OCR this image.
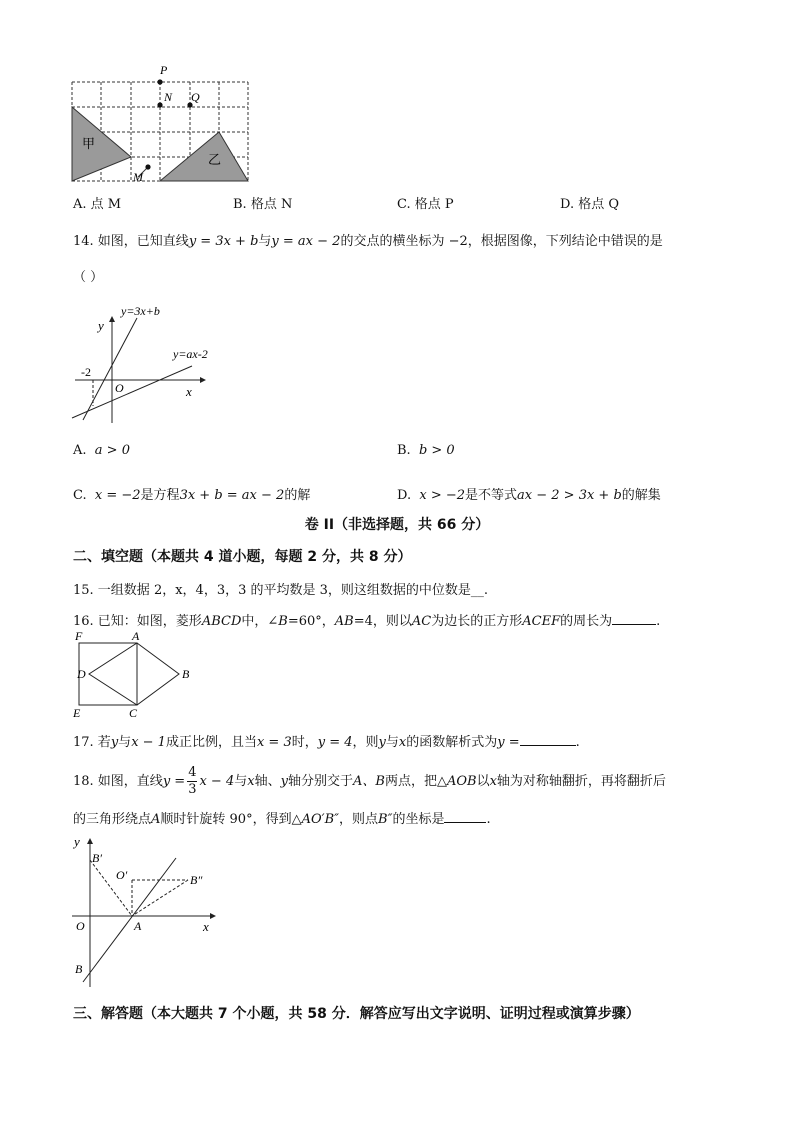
P
N Q
M
甲
乙
A. 点 M	B. 格点 N	C. 格点 P	D. 格点 Q
14. 如图，已知直线y = 3x + b与y = ax − 2的交点的横坐标为 −2，根据图像，下列结论中错误的是
（ ）
y=3x+b
y=ax-2
y
x
O
-2
A. a > 0	B. b > 0
C. x = −2是方程3x + b = ax − 2的解	D. x > −2是不等式ax − 2 > 3x + b的解集
卷 II（非选择题，共 66 分）
二、填空题（本题共 4 道小题，每题 2 分，共 8 分）
15. 一组数据 2，x，4，3，3 的平均数是 3，则这组数据的中位数是__.
16. 已知：如图，菱形ABCD中，∠B=60°，AB=4，则以AC为边长的正方形ACEF的周长为	.
F	A
D	B
E	C
17. 若y与x − 1成正比例，且当x = 3时，y = 4，则y与x的函数解析式为y =	.
18. 如图，直线$y = \frac{4}{3}$ x − 4与x轴、y轴分别交于A、B两点，把△AOB以x轴为对称轴翻折，再将翻折后
的三角形绕点A顺时针旋转 90°，得到△AO′B″，则点B″的坐标是	.
y
B′
O′	B″
O	A	x
B
三、解答题（本大题共 7 个小题，共 58 分．解答应写出文字说明、证明过程或演算步骤）
